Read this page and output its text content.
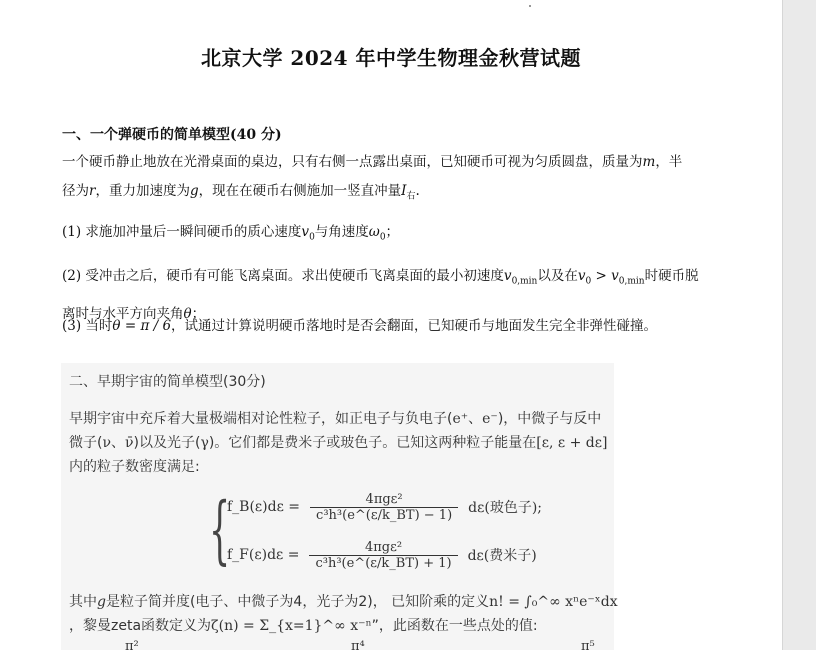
北京大学 2024 年中学生物理金秋营试题
一、一个弹硬币的简单模型(40 分)
一个硬币静止地放在光滑桌面的桌边，只有右侧一点露出桌面，已知硬币可视为匀质圆盘，质量为m，半
径为r，重力加速度为g，现在在硬币右侧施加一竖直冲量$I_右$.
(1) 求施加冲量后一瞬间硬币的质心速度$v_0$与角速度$\omega_0$；
(2) 受冲击之后，硬币有可能飞离桌面。求出使硬币飞离桌面的最小初速度$v_{0,min}$以及在$v_0 > v_{0,min}$时硬币脱
离时与水平方向夹角θ；
(3) 当时θ = π / 6，试通过计算说明硬币落地时是否会翻面，已知硬币与地面发生完全非弹性碰撞。
二、早期宇宙的简单模型(30分)
早期宇宙中充斥着大量极端相对论性粒子，如正电子与负电子(e⁺、e⁻)，中微子与反中
微子(ν、ν̄)以及光子(γ)。它们都是费米子或玻色子。已知这两种粒子能量在[ε, ε + dε]
内的粒子数密度满足:
{
f_B(ε)dε = $\frac{\text{4πgε²}}{\text{c³h³(e\textasciicircum{}(ε/k\_BT) − 1)}} d\varepsilon$(玻色子);
f_F(ε)dε = $\frac{\text{4πgε²}}{\text{c³h³(e\textasciicircum{}(ε/k\_BT) + 1)}} d\varepsilon$(费米子)
其中g是粒子简并度(电子、中微子为4，光子为2)， 已知阶乘的定义n! = ∫₀^∞ xⁿe⁻ˣdx
，黎曼zeta函数定义为ζ(n) = Σ_{x=1}^∞ x⁻ⁿ”，此函数在一些点处的值:
π²	π⁴	π⁵
